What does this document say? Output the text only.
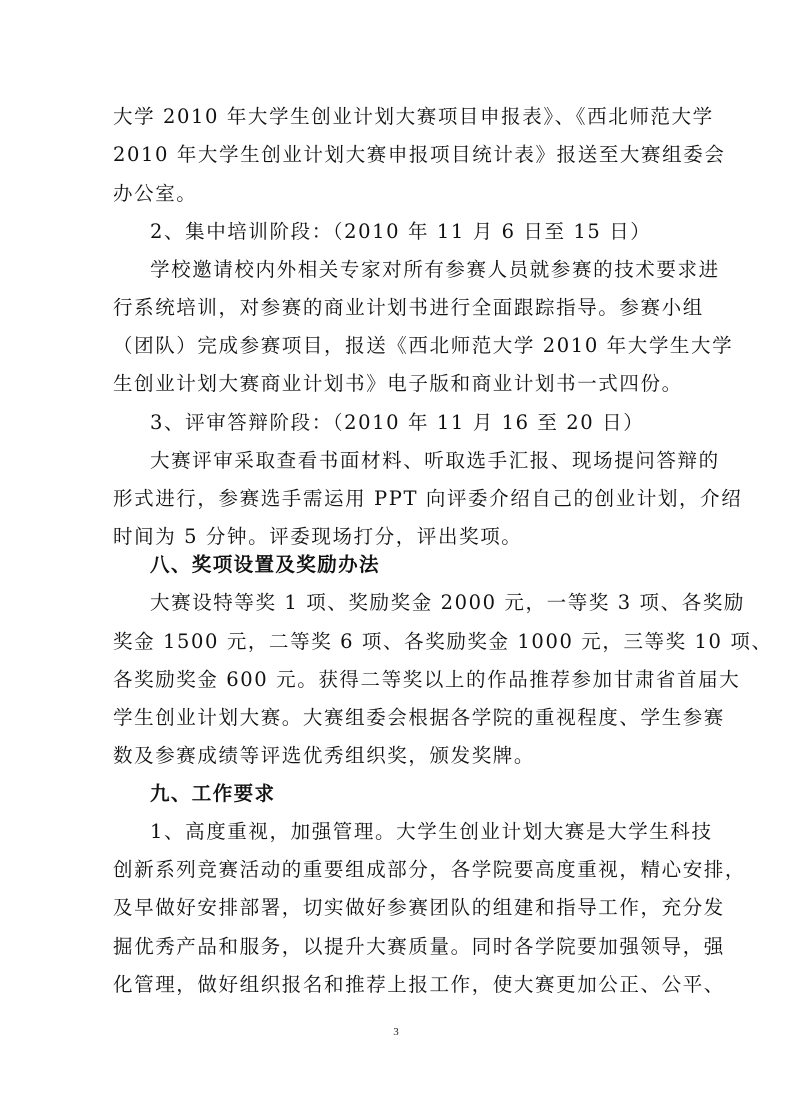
大学 2010 年大学生创业计划大赛项目申报表》、《西北师范大学
2010 年大学生创业计划大赛申报项目统计表》报送至大赛组委会
办公室。
2、集中培训阶段：（2010 年 11 月 6 日至 15 日）
学校邀请校内外相关专家对所有参赛人员就参赛的技术要求进
行系统培训，对参赛的商业计划书进行全面跟踪指导。参赛小组
（团队）完成参赛项目，报送《西北师范大学 2010 年大学生大学
生创业计划大赛商业计划书》电子版和商业计划书一式四份。
3、评审答辩阶段：（2010 年 11 月 16 至 20 日）
大赛评审采取查看书面材料、听取选手汇报、现场提问答辩的
形式进行，参赛选手需运用 PPT 向评委介绍自己的创业计划，介绍
时间为 5 分钟。评委现场打分，评出奖项。
八、奖项设置及奖励办法
大赛设特等奖 1 项、奖励奖金 2000 元，一等奖 3 项、各奖励
奖金 1500 元，二等奖 6 项、各奖励奖金 1000 元，三等奖 10 项、
各奖励奖金 600 元。获得二等奖以上的作品推荐参加甘肃省首届大
学生创业计划大赛。大赛组委会根据各学院的重视程度、学生参赛
数及参赛成绩等评选优秀组织奖，颁发奖牌。
九、工作要求
1、高度重视，加强管理。大学生创业计划大赛是大学生科技
创新系列竞赛活动的重要组成部分，各学院要高度重视，精心安排，
及早做好安排部署，切实做好参赛团队的组建和指导工作，充分发
掘优秀产品和服务，以提升大赛质量。同时各学院要加强领导，强
化管理，做好组织报名和推荐上报工作，使大赛更加公正、公平、
3
